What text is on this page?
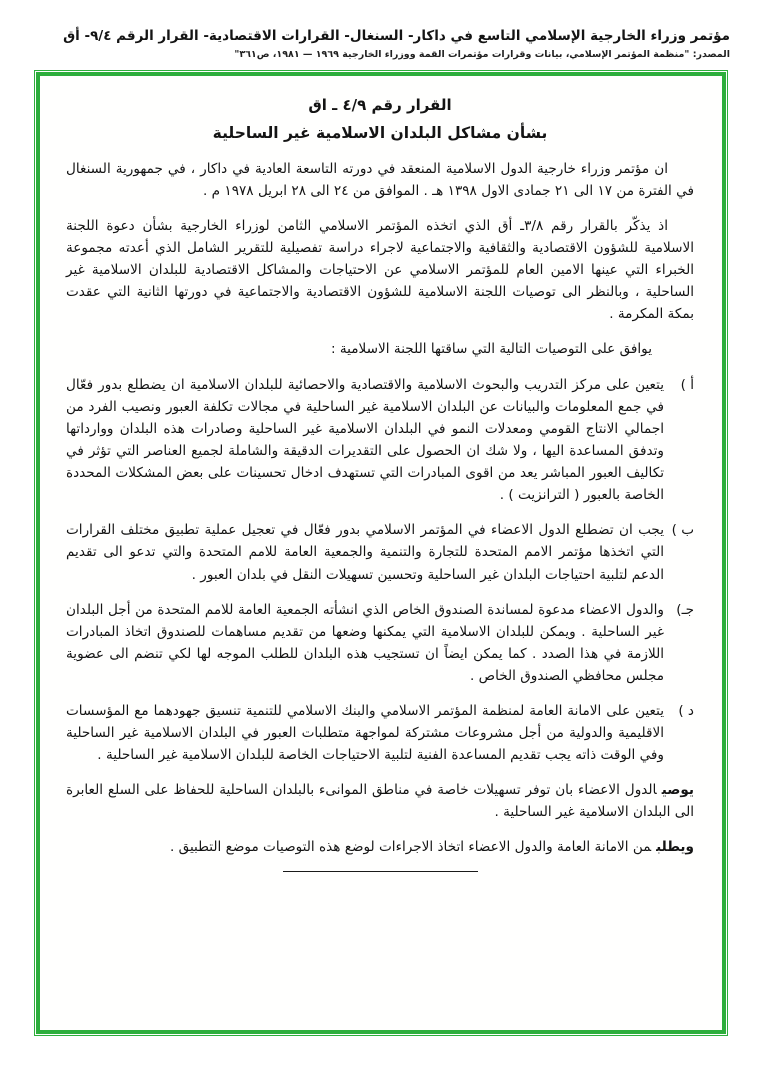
مؤتمر وزراء الخارجية الإسلامي التاسع في داكار- السنغال- القرارات الاقتصادية- القرار الرقم ٩/٤- أق
المصدر: "منظمة المؤتمر الإسلامي، بيانات وقرارات مؤتمرات القمة ووزراء الخارجية ١٩٦٩ — ١٩٨١، ص٣٦١"
القرار رقم ٤/٩ ـ اق
بشأن مشاكل البلدان الاسلامية غير الساحلية

ان مؤتمر وزراء خارجية الدول الاسلامية المنعقد في دورته التاسعة العادية في داكار ، في جمهورية السنغال في الفترة من ١٧ الى ٢١ جمادى الاول ١٣٩٨ هـ . الموافق من ٢٤ الى ٢٨ ابريل ١٩٧٨ م .

اذ يذكّر بالقرار رقم ٣/٨ـ أق الذي اتخذه المؤتمر الاسلامي الثامن لوزراء الخارجية بشأن دعوة اللجنة الاسلامية للشؤون الاقتصادية والثقافية والاجتماعية لاجراء دراسة تفصيلية للتقرير الشامل الذي أعدته مجموعة الخبراء التي عينها الامين العام للمؤتمر الاسلامي عن الاحتياجات والمشاكل الاقتصادية للبلدان الاسلامية غير الساحلية ، وبالنظر الى توصيات اللجنة الاسلامية للشؤون الاقتصادية والاجتماعية في دورتها الثانية التي عقدت بمكة المكرمة .

يوافق على التوصيات التالية التي ساقتها اللجنة الاسلامية :

أ )

يتعين على مركز التدريب والبحوث الاسلامية والاقتصادية والاحصائية للبلدان الاسلامية ان يضطلع بدور فعّال في جمع المعلومات والبيانات عن البلدان الاسلامية غير الساحلية في مجالات تكلفة العبور ونصيب الفرد من اجمالي الانتاج القومي ومعدلات النمو في البلدان الاسلامية غير الساحلية وصادرات هذه البلدان ووارداتها وتدفق المساعدة اليها ، ولا شك ان الحصول على التقديرات الدقيقة والشاملة لجميع العناصر التي تؤثر في تكاليف العبور المباشر يعد من اقوى المبادرات التي تستهدف ادخال تحسينات على بعض المشكلات المحددة الخاصة بالعبور ( الترانزيت ) .

ب )

يجب ان تضطلع الدول الاعضاء في المؤتمر الاسلامي بدور فعّال في تعجيل عملية تطبيق مختلف القرارات التي اتخذها مؤتمر الامم المتحدة للتجارة والتنمية والجمعية العامة للامم المتحدة والتي تدعو الى تقديم الدعم لتلبية احتياجات البلدان غير الساحلية وتحسين تسهيلات النقل في بلدان العبور .

جـ)

والدول الاعضاء مدعوة لمساندة الصندوق الخاص الذي انشأته الجمعية العامة للامم المتحدة من أجل البلدان غير الساحلية . ويمكن للبلدان الاسلامية التي يمكنها وضعها من تقديم مساهمات للصندوق اتخاذ المبادرات اللازمة في هذا الصدد . كما يمكن ايضاً ان تستجيب هذه البلدان للطلب الموجه لها لكي تنضم الى عضوية مجلس محافظي الصندوق الخاص .

د )

يتعين على الامانة العامة لمنظمة المؤتمر الاسلامي والبنك الاسلامي للتنمية تنسيق جهودهما مع المؤسسات الاقليمية والدولية من أجل مشروعات مشتركة لمواجهة متطلبات العبور في البلدان الاسلامية غير الساحلية وفي الوقت ذاته يجب تقديم المساعدة الفنية لتلبية الاحتياجات الخاصة للبلدان الاسلامية غير الساحلية .

يوصيالدول الاعضاء بان توفر تسهيلات خاصة في مناطق الموانىء بالبلدان الساحلية للحفاظ على السلع العابرة الى البلدان الاسلامية غير الساحلية .

ويطلبمن الامانة العامة والدول الاعضاء اتخاذ الاجراءات لوضع هذه التوصيات موضع التطبيق .
